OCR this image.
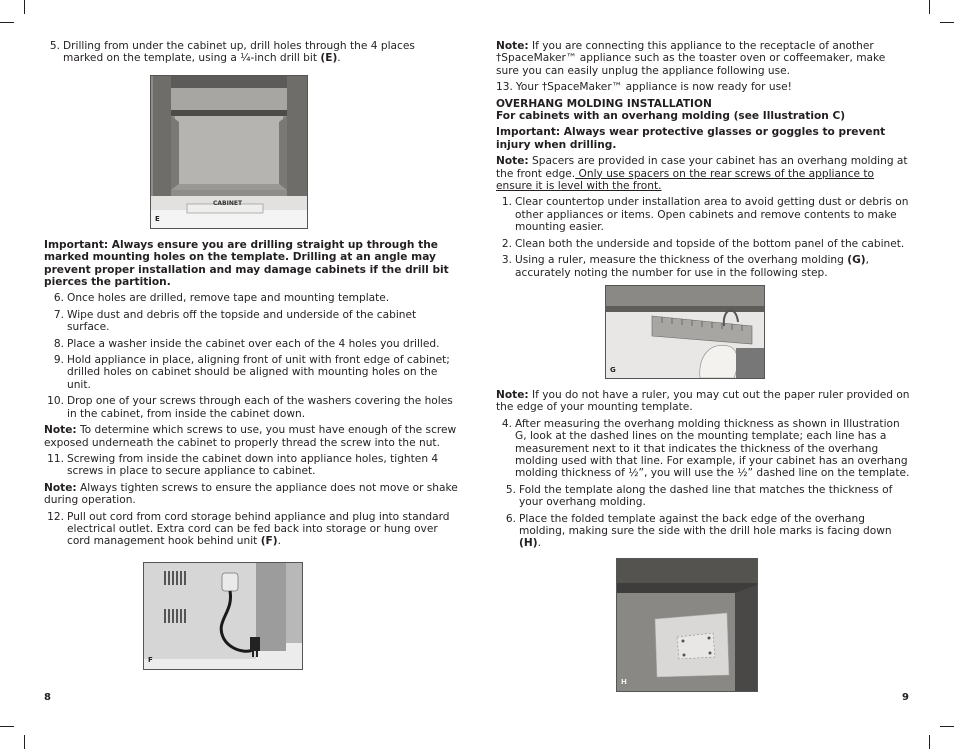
5. Drilling from under the cabinet up, drill holes through the 4 places marked on the template, using a ¼-inch drill bit (E).
CABINET
E

Important: Always ensure you are drilling straight up through the marked mounting holes on the template. Drilling at an angle may prevent proper installation and may damage cabinets if the drill bit pierces the partition.

6. Once holes are drilled, remove tape and mounting template.
7. Wipe dust and debris off the topside and underside of the cabinet surface.
8. Place a washer inside the cabinet over each of the 4 holes you drilled.
9. Hold appliance in place, aligning front of unit with front edge of cabinet; drilled holes on cabinet should be aligned with mounting holes on the unit.
10. Drop one of your screws through each of the washers covering the holes in the cabinet, from inside the cabinet down.

Note: To determine which screws to use, you must have enough of the screw exposed underneath the cabinet to properly thread the screw into the nut.

11. Screwing from inside the cabinet down into appliance holes, tighten 4 screws in place to secure appliance to cabinet.

Note: Always tighten screws to ensure the appliance does not move or shake during operation.

12. Pull out cord from cord storage behind appliance and plug into standard electrical outlet. Extra cord can be fed back into storage or hung over cord management hook behind unit (F).
F
8

Note: If you are connecting this appliance to the receptacle of another †SpaceMaker™ appliance such as the toaster oven or coffeemaker, make sure you can easily unplug the appliance following use.

13. Your †SpaceMaker™ appliance is now ready for use!

OVERHANG MOLDING INSTALLATION

For cabinets with an overhang molding (see Illustration C)

Important: Always wear protective glasses or goggles to prevent injury when drilling.

Note: Spacers are provided in case your cabinet has an overhang molding at the front edge. Only use spacers on the rear screws of the appliance to ensure it is level with the front.

1. Clear countertop under installation area to avoid getting dust or debris on other appliances or items. Open cabinets and remove contents to make mounting easier.
2. Clean both the underside and topside of the bottom panel of the cabinet.
3. Using a ruler, measure the thickness of the overhang molding (G), accurately noting the number for use in the following step.
G

Note: If you do not have a ruler, you may cut out the paper ruler provided on the edge of your mounting template.

4. After measuring the overhang molding thickness as shown in Illustration G, look at the dashed lines on the mounting template; each line has a measurement next to it that indicates the thickness of the overhang molding used with that line. For example, if your cabinet has an overhang molding thickness of ½”, you will use the ½” dashed line on the template.
5. Fold the template along the dashed line that matches the thickness of your overhang molding.
6. Place the folded template against the back edge of the overhang molding, making sure the side with the drill hole marks is facing down (H).
H
9
